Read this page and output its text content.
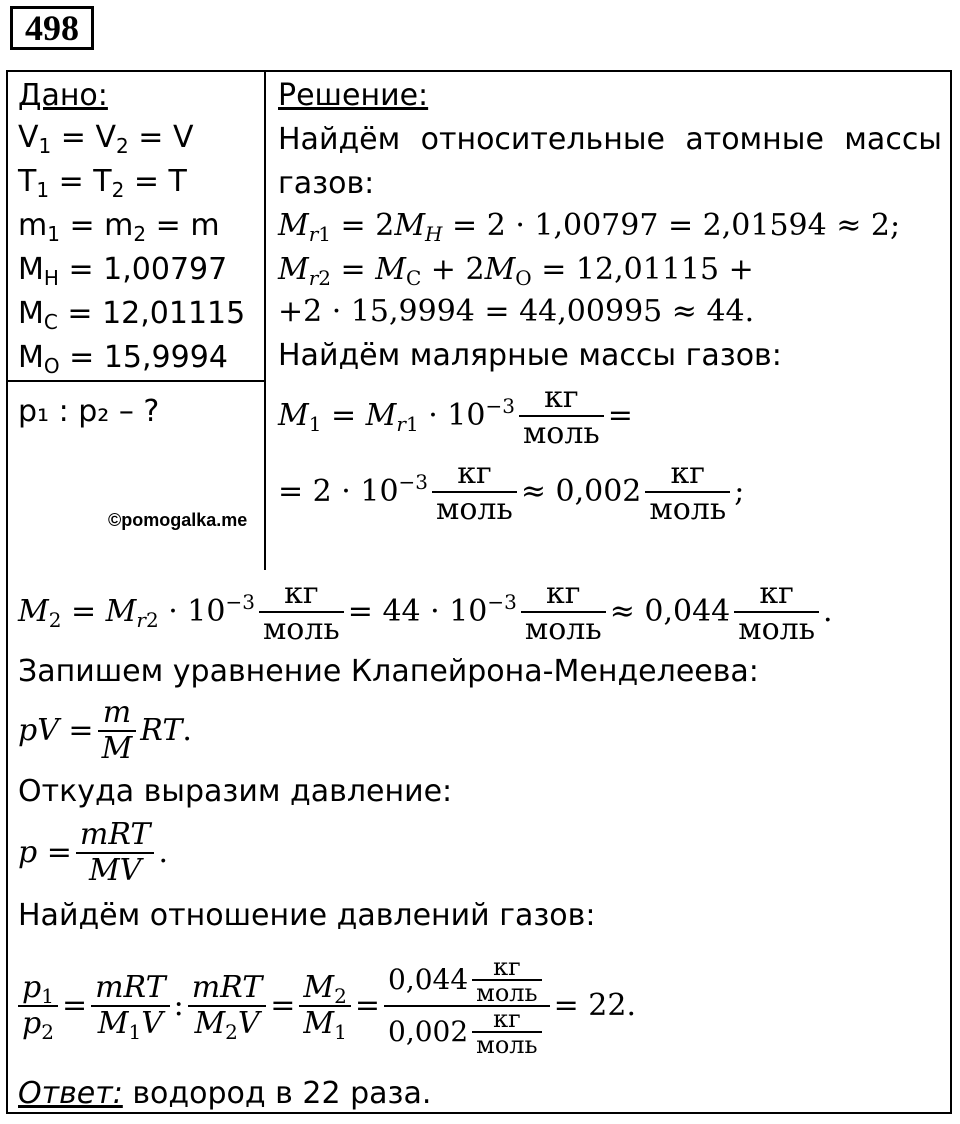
498
Дано:
$V_1 = V_2 = V$
$T_1 = T_2 = T$
$m_1 = m_2 = m$
$M_H = 1,00797$
$M_C = 12,01115$
$M_O = 15,9994$
p₁ : p₂ – ?
©pomogalka.me
Решение:
Найдём относительные атомные массы газов:
$M_{r1} = 2M_H = 2 \cdot 1,00797 = 2,01594 \approx 2$;
$M_{r2} = M_C + 2M_O = 12,01115$ +
+2 · 15,9994 = 44,00995 ≈ 44.
Найдём малярные массы газов:
$M_1 = M_{r1} \cdot 10^{-3}$ кг
моль
=
= $2 \cdot 10^{-3}$ кг
моль
≈ 0,002
кг
моль
;
$M_2 = M_{r2} \cdot 10^{-3}$ кг
моль
= $44 \cdot 10^{-3}$ кг
моль
≈ 0,044
кг
моль
.
Запишем уравнение Клапейрона-Менделеева:
pV = $\frac{m}{M}$ RT.
Откуда выразим давление:
p =
mRT
MV
.
Найдём отношение давлений газов:
$\frac{p_1}{p_2}$ =
mRT
$M_1V$
:
mRT
$M_2V$
= $\frac{M_2}{M_1}$ =
0,044	кг
моль
0,002	кг
моль
= 22.
Ответ: водород в 22 раза.
